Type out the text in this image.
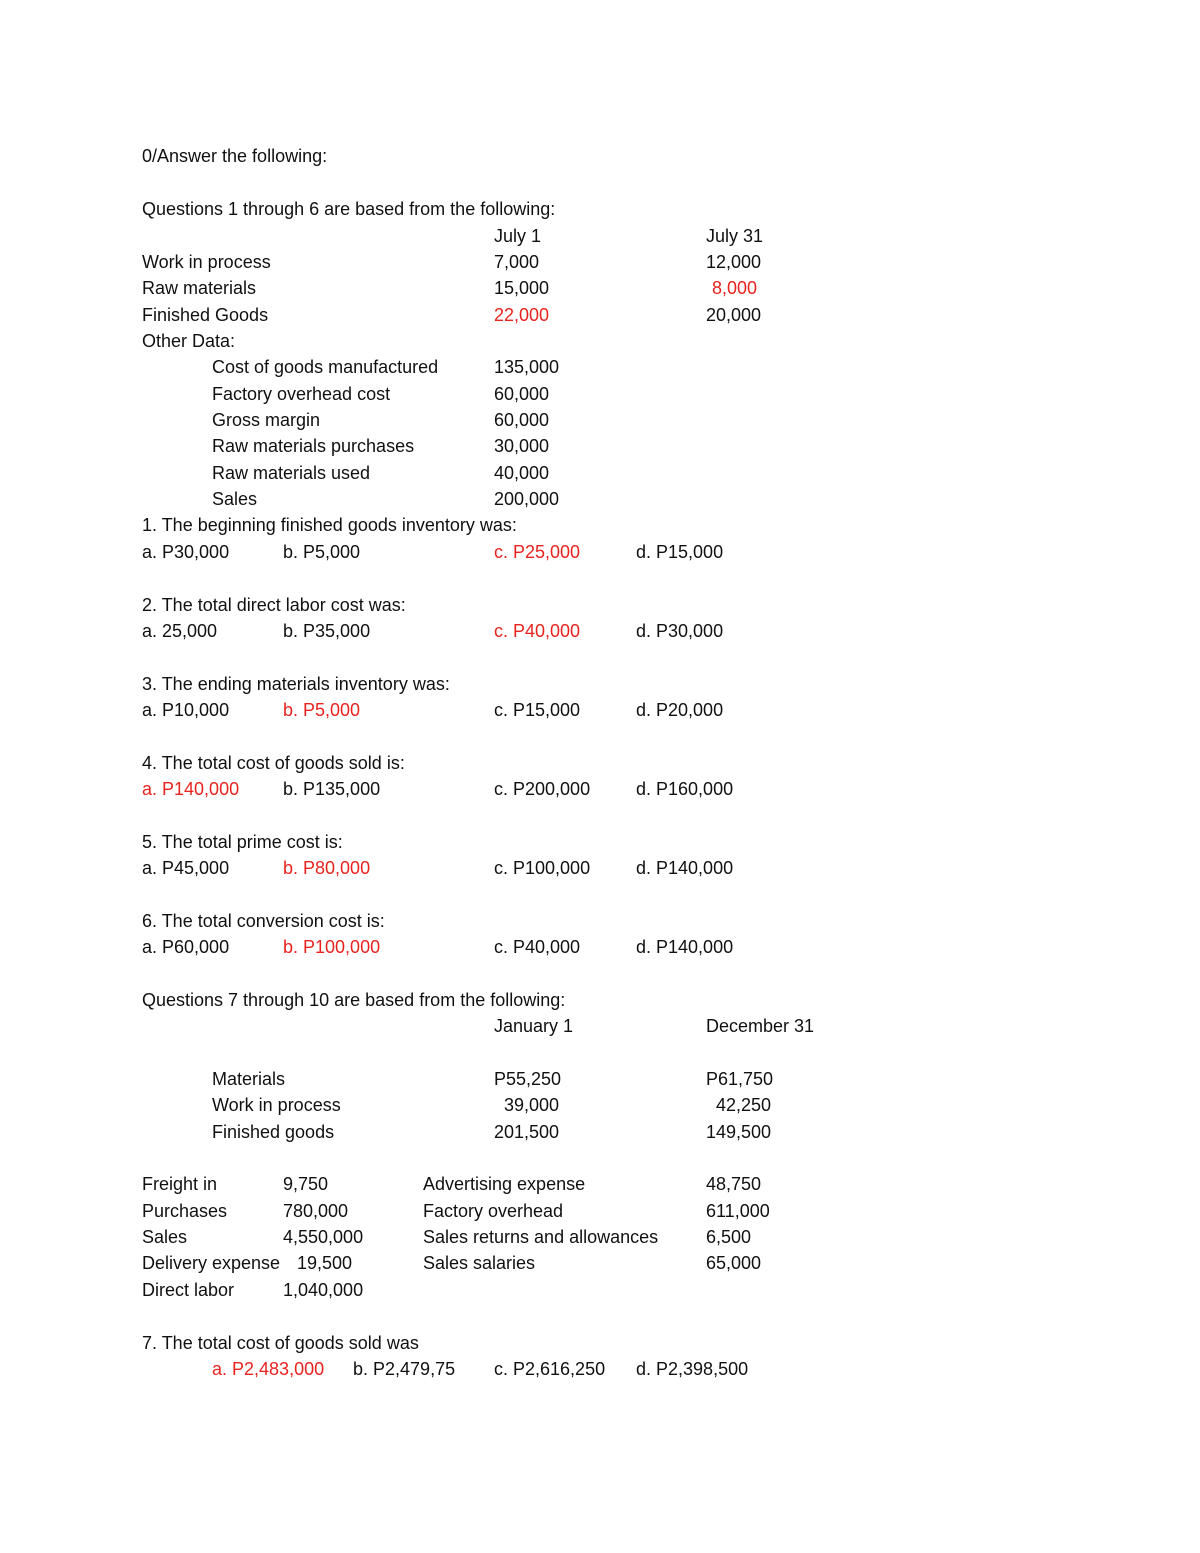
0/Answer the following:
Questions 1 through 6 are based from the following:
July 1	July 31
Work in process	7,000	12,000
Raw materials	15,000	8,000
Finished Goods	22,000	20,000
Other Data:
Cost of goods manufactured	135,000
Factory overhead cost	60,000
Gross margin	60,000
Raw materials purchases	30,000
Raw materials used	40,000
Sales	200,000
1. The beginning finished goods inventory was:
a. P30,000	b. P5,000	c. P25,000	d. P15,000
2. The total direct labor cost was:
a. 25,000	b. P35,000	c. P40,000	d. P30,000
3. The ending materials inventory was:
a. P10,000	b. P5,000	c. P15,000	d. P20,000
4. The total cost of goods sold is:
a. P140,000 b. P135,000	c. P200,000	d. P160,000
5. The total prime cost is:
a. P45,000	b. P80,000	c. P100,000	d. P140,000
6. The total conversion cost is:
a. P60,000	b. P100,000	c. P40,000	d. P140,000
Questions 7 through 10 are based from the following:
January 1	December 31
Materials	P55,250	P61,750
Work in process	39,000	42,250
Finished goods	201,500	149,500
Freight in	9,750	Advertising expense	48,750
Purchases	780,000	Factory overhead	611,000
Sales	4,550,000	Sales returns and allowances	6,500
Delivery expense 19,500	Sales salaries	65,000
Direct labor	1,040,000
7. The total cost of goods sold was
a. P2,483,000 b. P2,479,75 c. P2,616,250 d. P2,398,500
